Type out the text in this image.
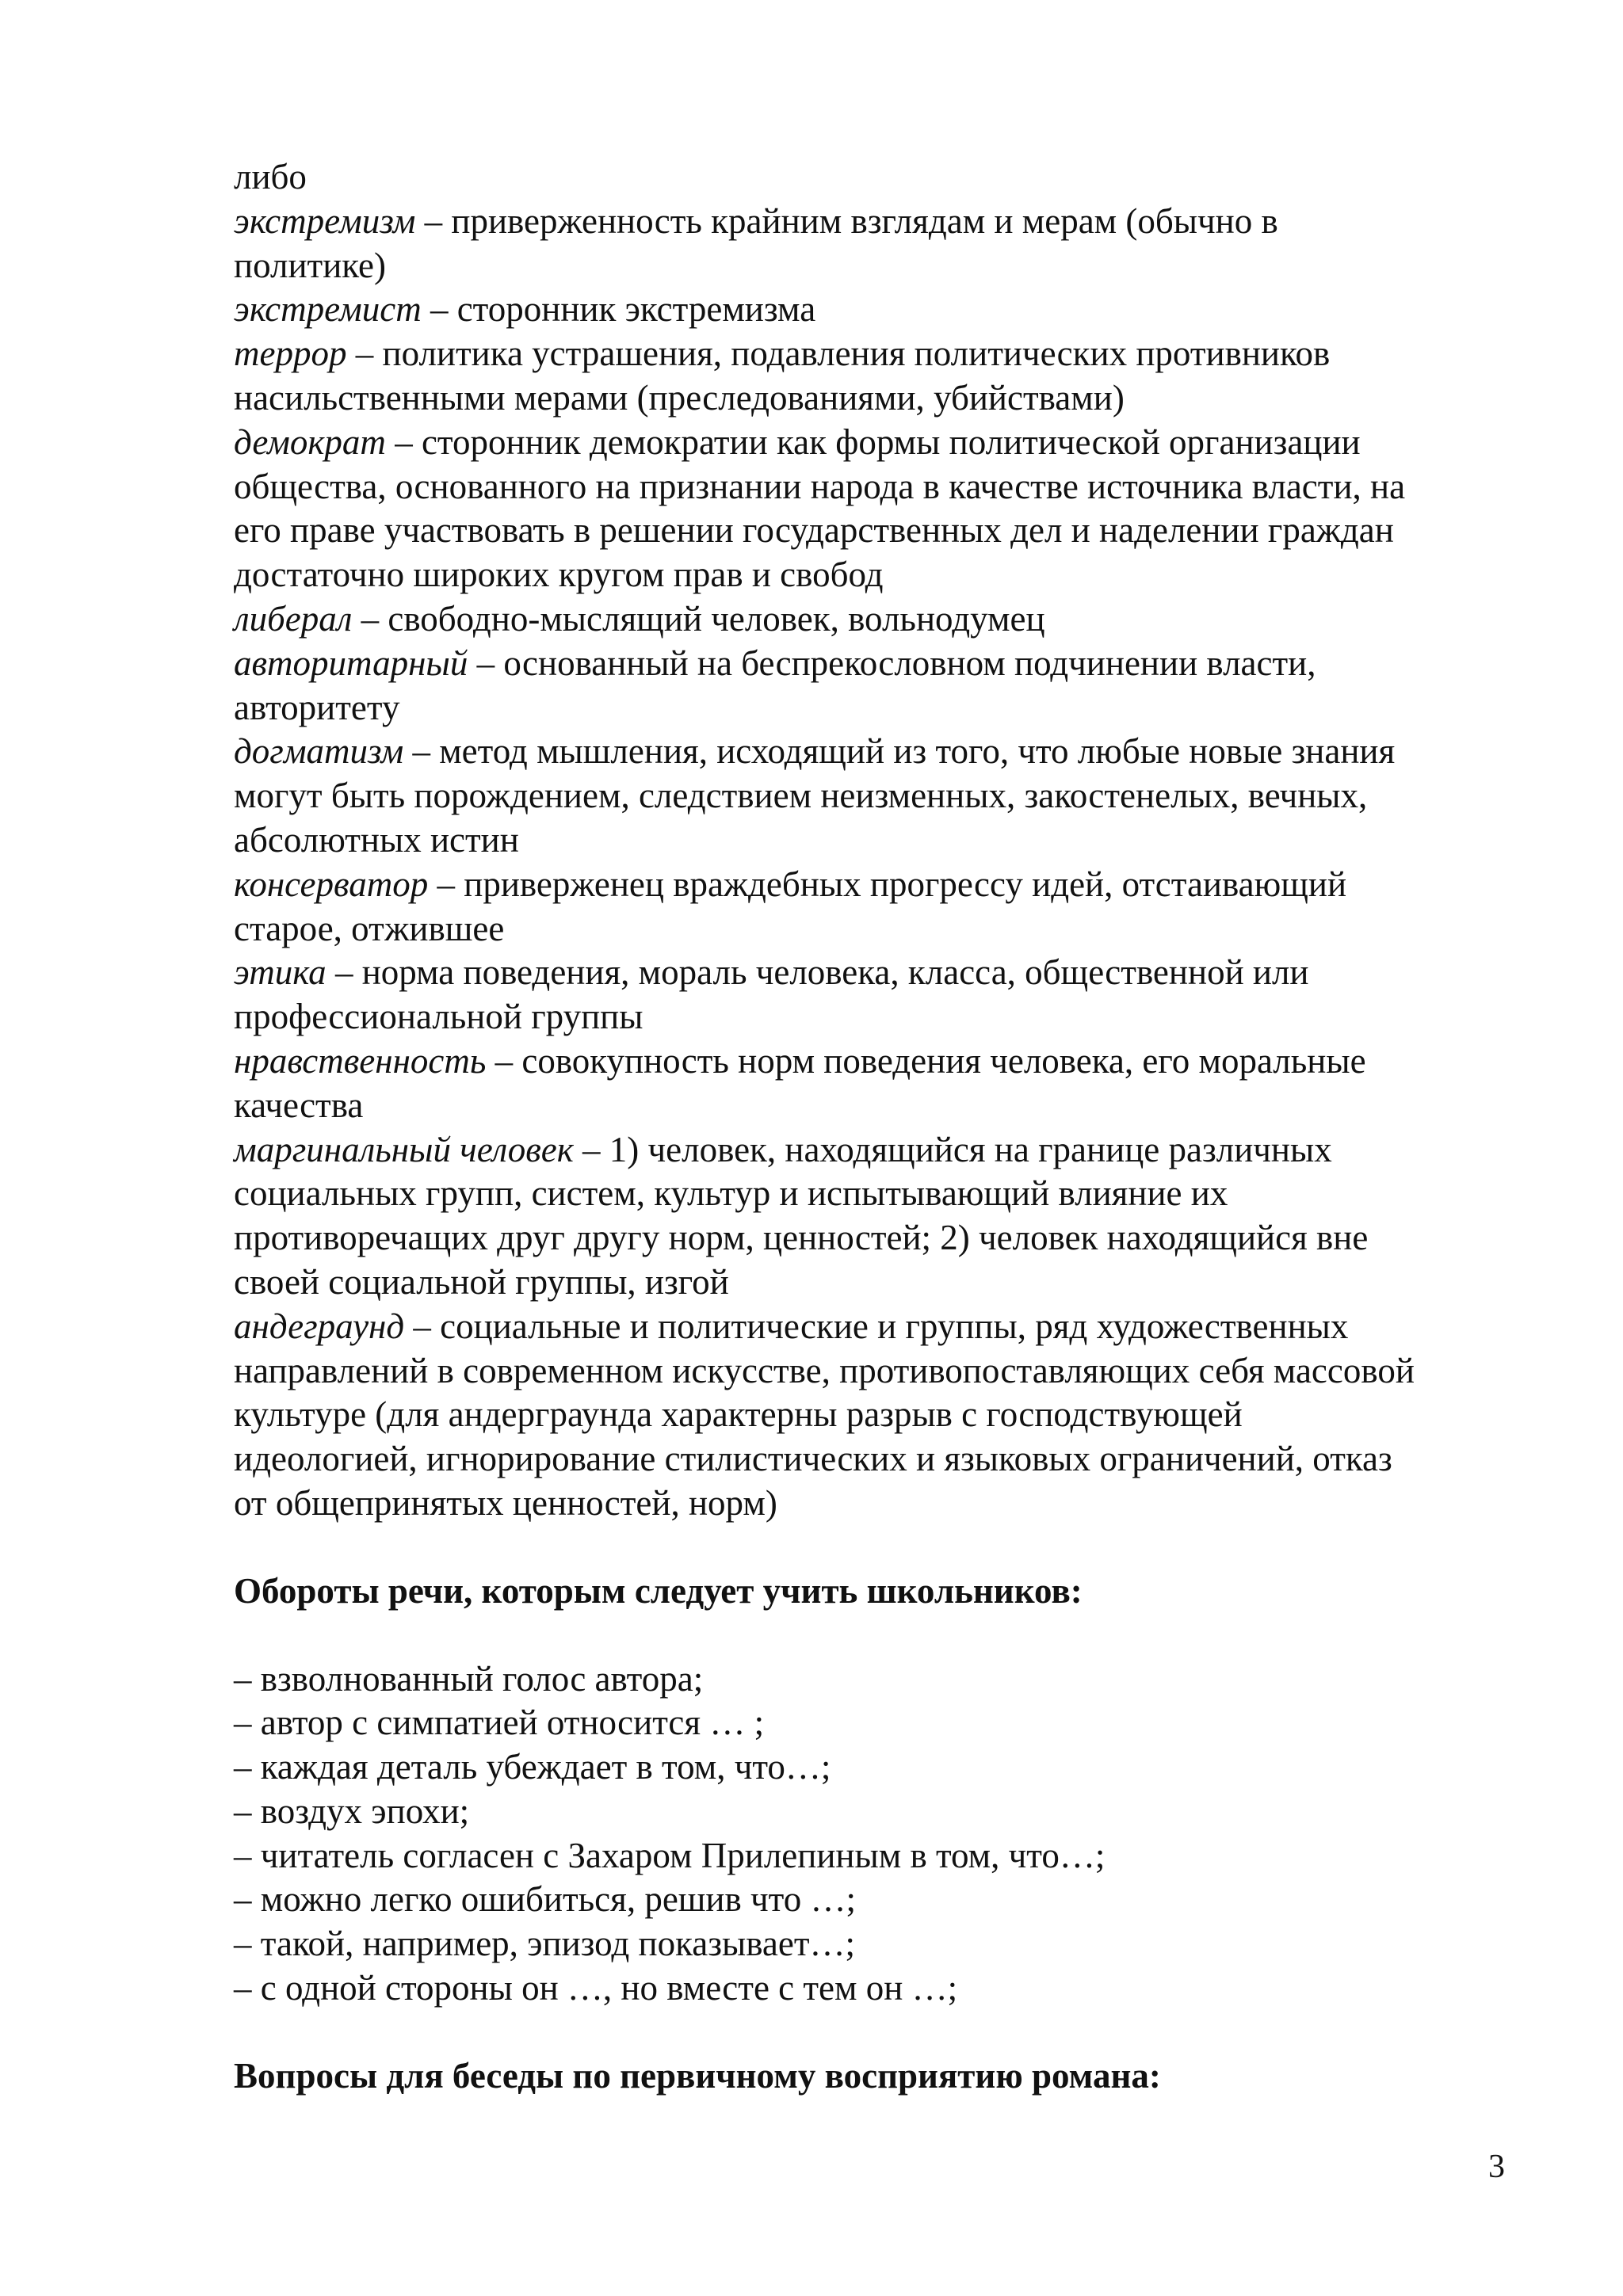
либо
экстремизм – приверженность крайним взглядам и мерам (обычно в
политике)
экстремист – сторонник экстремизма
террор – политика устрашения, подавления политических противников
насильственными мерами (преследованиями, убийствами)
демократ – сторонник демократии как формы политической организации
общества, основанного на признании народа в качестве источника власти, на
его праве участвовать в решении государственных дел и наделении граждан
достаточно широких кругом прав и свобод
либерал – свободно-мыслящий человек, вольнодумец
авторитарный – основанный на беспрекословном подчинении власти,
авторитету
догматизм – метод мышления, исходящий из того, что любые новые знания
могут быть порождением, следствием неизменных, закостенелых, вечных,
абсолютных истин
консерватор – приверженец враждебных прогрессу идей, отстаивающий
старое, отжившее
этика – норма поведения, мораль человека, класса, общественной или
профессиональной группы
нравственность – совокупность норм поведения человека, его моральные
качества
маргинальный человек – 1) человек, находящийся на границе различных
социальных групп, систем, культур и испытывающий влияние их
противоречащих друг другу норм, ценностей; 2) человек находящийся вне
своей социальной группы, изгой
андеграунд – социальные и политические и группы, ряд художественных
направлений в современном искусстве, противопоставляющих себя массовой
культуре (для андерграунда характерны разрыв с господствующей
идеологией, игнорирование стилистических и языковых ограничений, отказ
от общепринятых ценностей, норм)
Обороты речи, которым следует учить школьников:
– взволнованный голос автора;
– автор с симпатией относится … ;
– каждая деталь убеждает в том, что…;
– воздух эпохи;
– читатель согласен с Захаром Прилепиным в том, что…;
– можно легко ошибиться, решив что …;
– такой, например, эпизод показывает…;
– с одной стороны он …, но вместе с тем он …;
Вопросы для беседы по первичному восприятию романа:
3
